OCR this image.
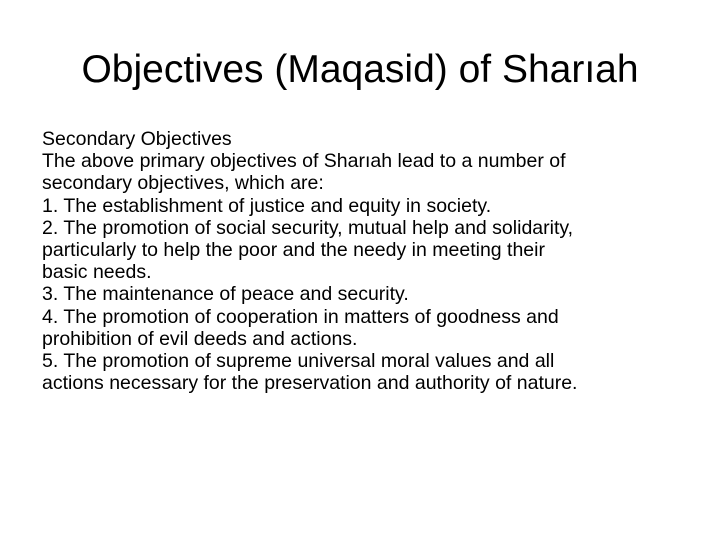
Objectives (Maqasid) of Sharıah
Secondary Objectives
The above primary objectives of Sharıah lead to a number of
secondary objectives, which are:
1. The establishment of justice and equity in society.
2. The promotion of social security, mutual help and solidarity,
particularly to help the poor and the needy in meeting their
basic needs.
3. The maintenance of peace and security.
4. The promotion of cooperation in matters of goodness and
prohibition of evil deeds and actions.
5. The promotion of supreme universal moral values and all
actions necessary for the preservation and authority of nature.
